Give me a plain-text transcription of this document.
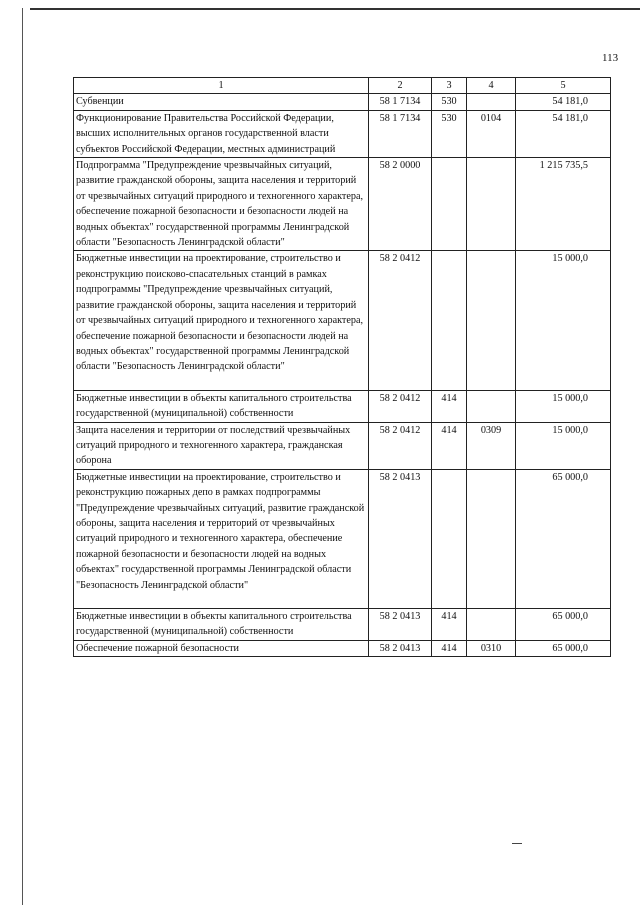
113
1	2	3	4	5
Субвенции	58 1 7134	530		54 181,0
Функционирование Правительства Российской Федерации, высших исполнительных органов государственной власти субъектов Российской Федерации, местных администраций	58 1 7134	530	0104	54 181,0
Подпрограмма "Предупреждение чрезвычайных ситуаций, развитие гражданской обороны, защита населения и территорий от чрезвычайных ситуаций природного и техногенного характера, обеспечение пожарной безопасности и безопасности людей на водных объектах" государственной программы Ленинградской области "Безопасность Ленинградской области"	58 2 0000			1 215 735,5
Бюджетные инвестиции на проектирование, строительство и реконструкцию поисково-спасательных станций в рамках подпрограммы "Предупреждение чрезвычайных ситуаций, развитие гражданской обороны, защита населения и территорий от чрезвычайных ситуаций природного и техногенного характера, обеспечение пожарной безопасности и безопасности людей на водных объектах" государственной программы Ленинградской области "Безопасность Ленинградской области"	58 2 0412			15 000,0
Бюджетные инвестиции в объекты капитального строительства государственной (муниципальной) собственности	58 2 0412	414		15 000,0
Защита населения и территории от последствий чрезвычайных ситуаций природного и техногенного характера, гражданская оборона	58 2 0412	414	0309	15 000,0
Бюджетные инвестиции на проектирование, строительство и реконструкцию пожарных депо в рамках подпрограммы "Предупреждение чрезвычайных ситуаций, развитие гражданской обороны, защита населения и территорий от чрезвычайных ситуаций природного и техногенного характера, обеспечение пожарной безопасности и безопасности людей на водных объектах" государственной программы Ленинградской области "Безопасность Ленинградской области"	58 2 0413			65 000,0
Бюджетные инвестиции в объекты капитального строительства государственной (муниципальной) собственности	58 2 0413	414		65 000,0
Обеспечение пожарной безопасности	58 2 0413	414	0310	65 000,0
